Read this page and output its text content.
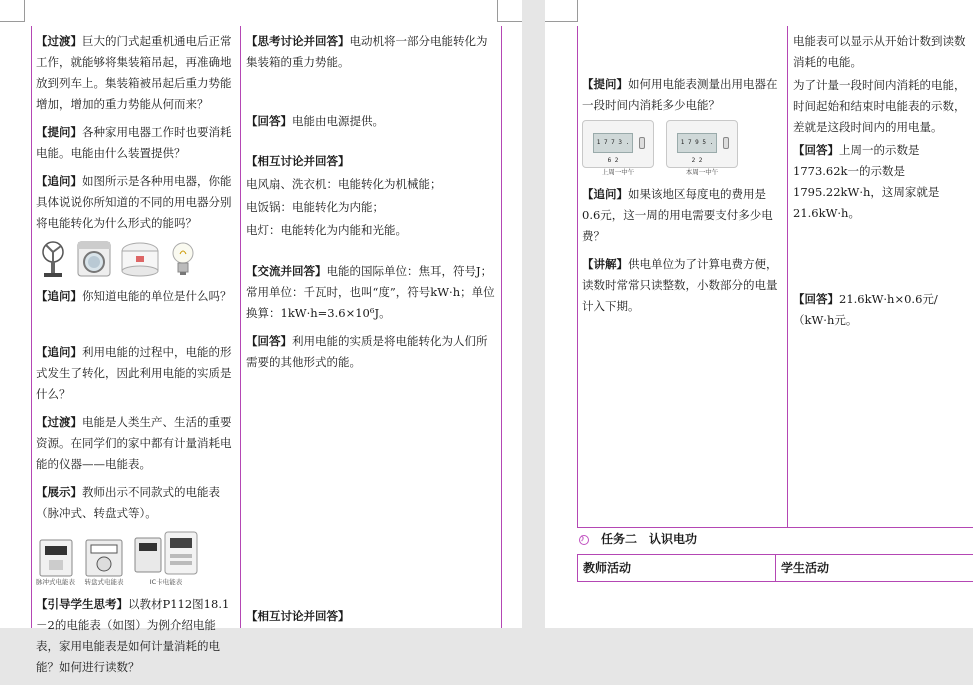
【过渡】巨大的门式起重机通电后正常工作，就能够将集装箱吊起，再准确地放到列车上。集装箱被吊起后重力势能增加，增加的重力势能从何而来？
【提问】各种家用电器工作时也要消耗电能。电能由什么装置提供？
【追问】如图所示是各种用电器，你能具体说说你所知道的不同的用电器分别将电能转化为什么形式的能吗？
【追问】你知道电能的单位是什么吗？
【追问】利用电能的过程中，电能的形式发生了转化，因此利用电能的实质是什么？
【过渡】电能是人类生产、生活的重要资源。在同学们的家中都有计量消耗电能的仪器——电能表。
【展示】教师出示不同款式的电能表（脉冲式、转盘式等）。
脉冲式电能表 转盘式电能表	IC卡电能表
【引导学生思考】以教材P112图18.1－2的电能表（如图）为例介绍电能表，家用电能表是如何计量消耗的电能？如何进行读数？
【思考讨论并回答】电动机将一部分电能转化为集装箱的重力势能。
【回答】电能由电源提供。
【相互讨论并回答】
电风扇、洗衣机：电能转化为机械能；
电饭锅：电能转化为内能；
电灯：电能转化为内能和光能。
【交流并回答】电能的国际单位：焦耳，符号J；常用单位：千瓦时，也叫“度”，符号kW·h；单位换算：1kW·h=3.6×10⁶J。
【回答】利用电能的实质是将电能转化为人们所需要的其他形式的能。
【相互讨论并回答】
【提问】如何用电能表测量出用电器在一段时间内消耗多少电能？
1 7 7 3 . 6 2
上周一中午
1 7 9 5 . 2 2
本周一中午
【追问】如果该地区每度电的费用是0.6元，这一周的用电需要支付多少电费？
【讲解】供电单位为了计算电费方便，读数时常常只读整数，小数部分的电量计入下期。
电能表可以显示从开始计数到读数消耗的电能。
为了计量一段时间内消耗的电能，时间起始和结束时电能表的示数，差就是这段时间内的用电量。
【回答】上周一的示数是1773.62k一的示数是1795.22kW·h，这周家就是21.6kW·h。
【回答】21.6kW·h×0.6元/（kW·h元。
》 任务二　认识电功
教师活动	学生活动
